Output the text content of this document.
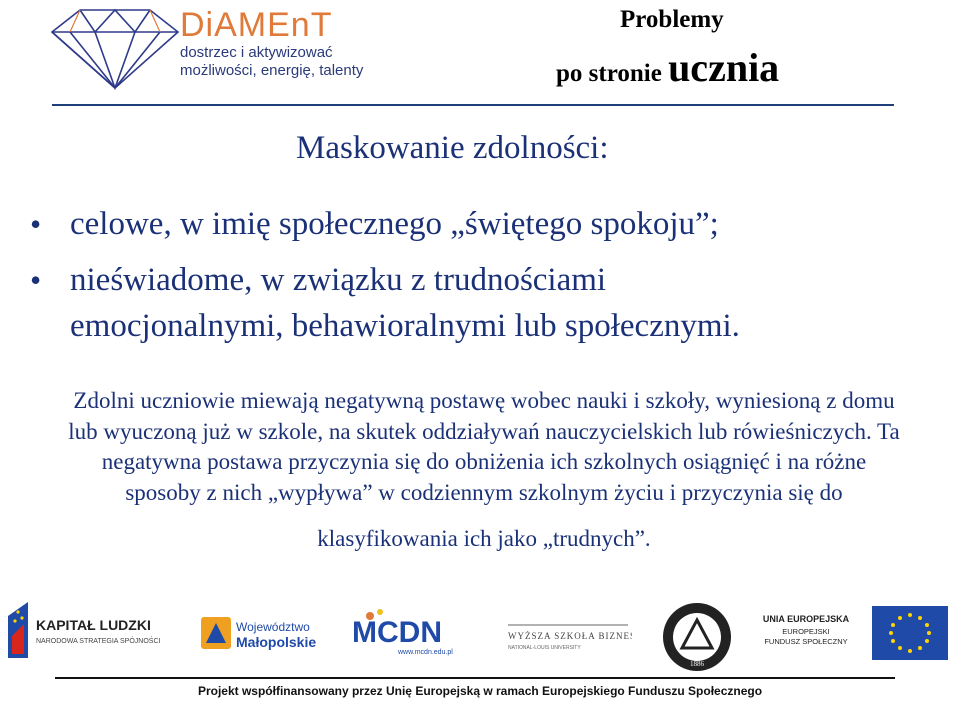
DiAMEnT
dostrzec i aktywizować
możliwości, energię, talenty
Problemy
po stronie ucznia
Maskowanie zdolności:
• celowe, w imię społecznego „świętego spokoju”;
• nieświadome, w związku z trudnościami
emocjonalnymi, behawioralnymi lub społecznymi.
Zdolni uczniowie miewają negatywną postawę wobec nauki i szkoły, wyniesioną z domu lub wyuczoną już w szkole, na skutek oddziaływań nauczycielskich lub rówieśniczych. Ta negatywna postawa przyczynia się do obniżenia ich szkolnych osiągnięć i na różne sposoby z nich „wypływa” w codziennym szkolnym życiu i przyczynia się do
klasyfikowania ich jako „trudnych”.
KAPITAŁ LUDZKI
NARODOWA STRATEGIA SPÓJNOŚCI
Województwo
Małopolskie MCDN
www.mcdn.edu.pl
WYŻSZA SZKOŁA BIZNESU
NATIONAL-LOUIS UNIVERSITY
1886
UNIA EUROPEJSKA
EUROPEJSKI
FUNDUSZ SPOŁECZNY
Projekt współfinansowany przez Unię Europejską w ramach Europejskiego Funduszu Społecznego
